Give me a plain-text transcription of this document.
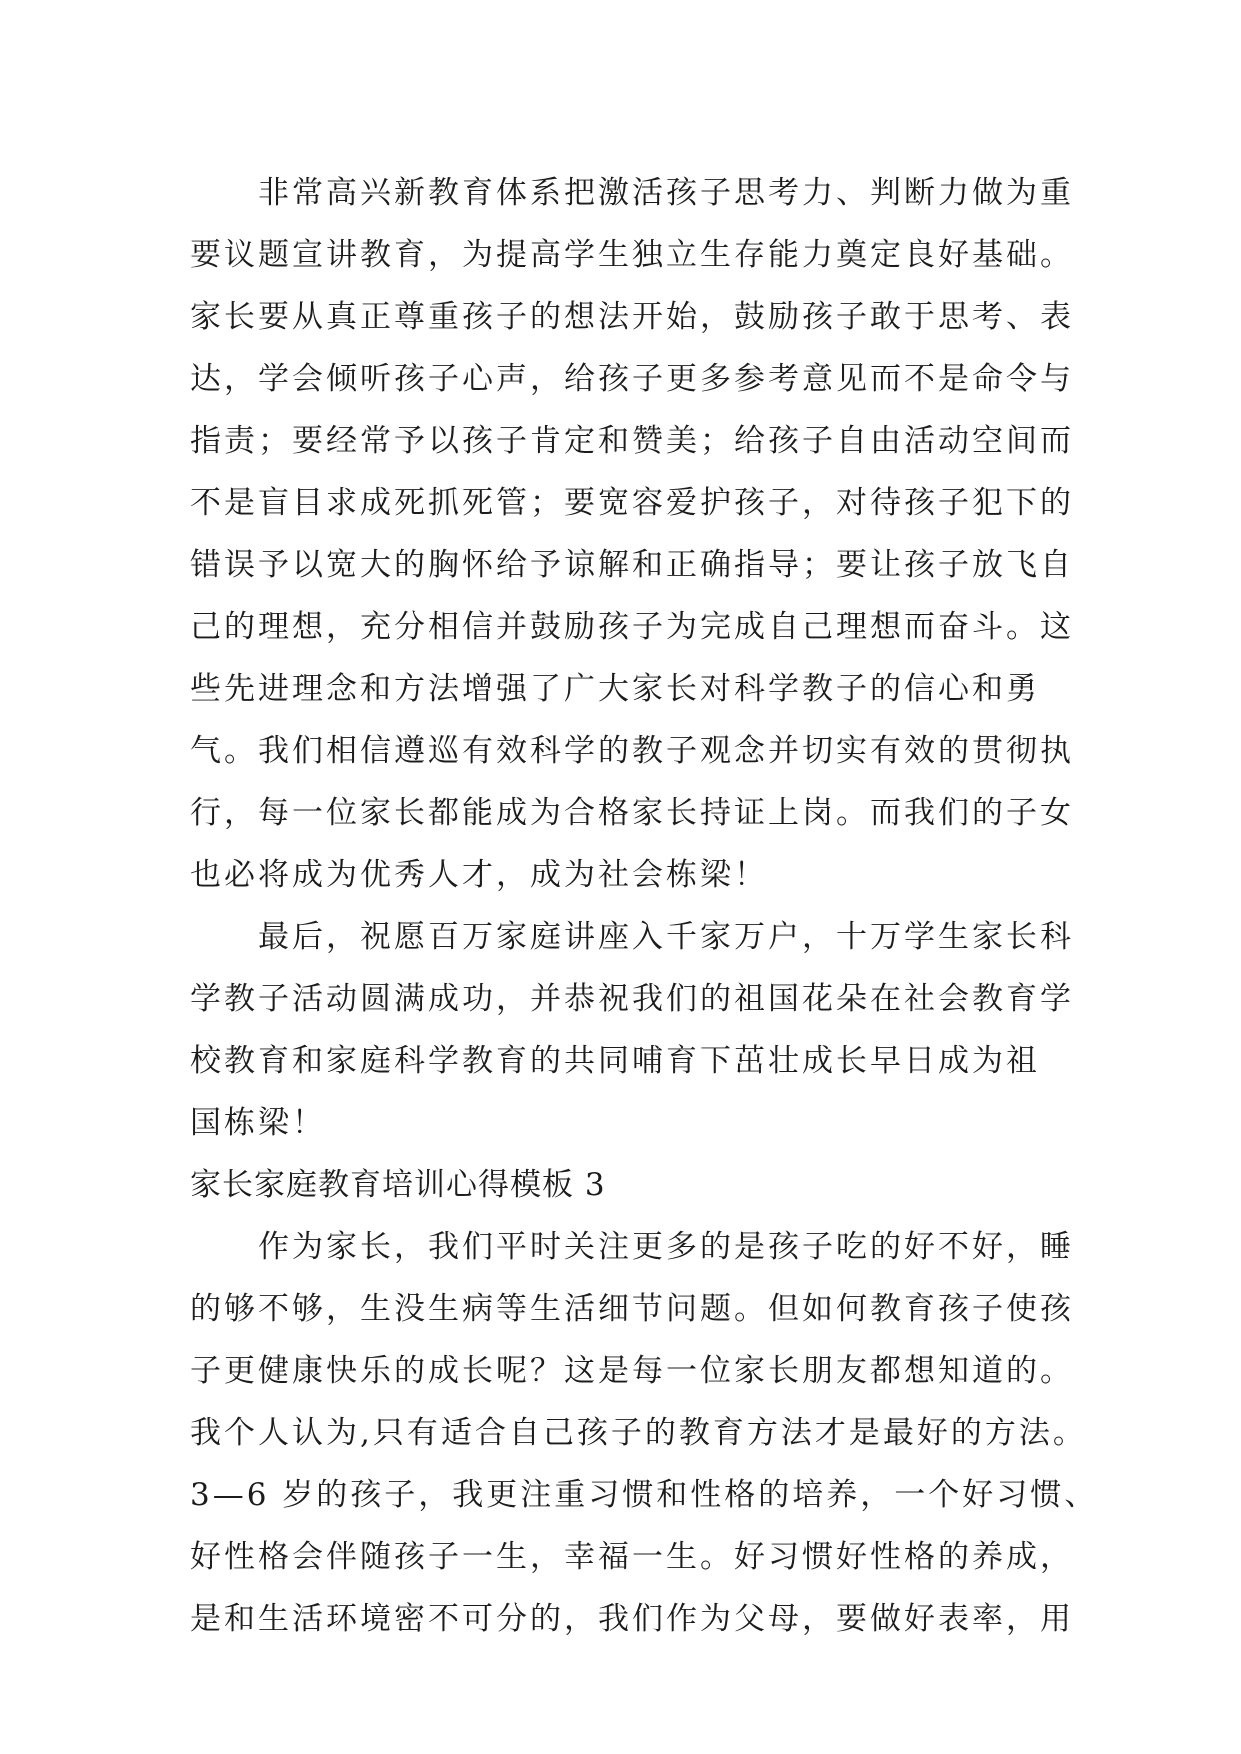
非常高兴新教育体系把激活孩子思考力、判断力做为重
要议题宣讲教育，为提高学生独立生存能力奠定良好基础。
家长要从真正尊重孩子的想法开始，鼓励孩子敢于思考、表
达，学会倾听孩子心声，给孩子更多参考意见而不是命令与
指责；要经常予以孩子肯定和赞美；给孩子自由活动空间而
不是盲目求成死抓死管；要宽容爱护孩子，对待孩子犯下的
错误予以宽大的胸怀给予谅解和正确指导；要让孩子放飞自
己的理想，充分相信并鼓励孩子为完成自己理想而奋斗。这
些先进理念和方法增强了广大家长对科学教子的信心和勇
气。我们相信遵巡有效科学的教子观念并切实有效的贯彻执
行，每一位家长都能成为合格家长持证上岗。而我们的子女
也必将成为优秀人才，成为社会栋梁！
最后，祝愿百万家庭讲座入千家万户，十万学生家长科
学教子活动圆满成功，并恭祝我们的祖国花朵在社会教育学
校教育和家庭科学教育的共同哺育下茁壮成长早日成为祖
国栋梁！
家长家庭教育培训心得模板 3
作为家长，我们平时关注更多的是孩子吃的好不好，睡
的够不够，生没生病等生活细节问题。但如何教育孩子使孩
子更健康快乐的成长呢？这是每一位家长朋友都想知道的。
我个人认为,只有适合自己孩子的教育方法才是最好的方法。
3—6 岁的孩子，我更注重习惯和性格的培养，一个好习惯、
好性格会伴随孩子一生，幸福一生。好习惯好性格的养成，
是和生活环境密不可分的，我们作为父母，要做好表率，用
